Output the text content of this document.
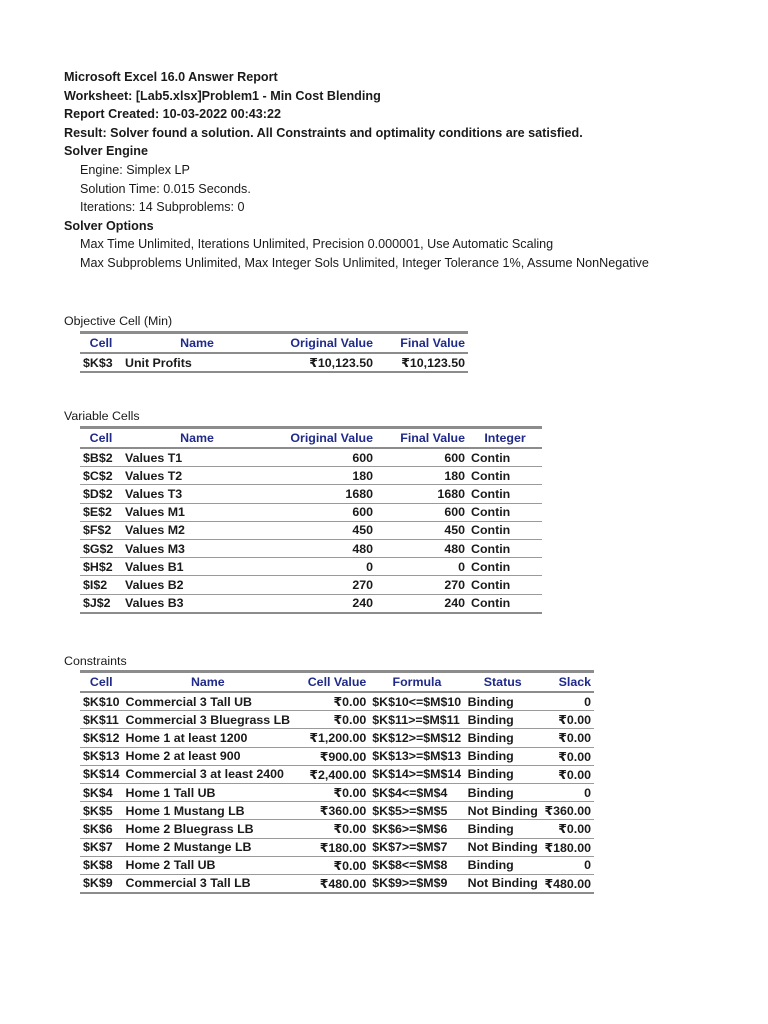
Microsoft Excel 16.0 Answer Report
Worksheet: [Lab5.xlsx]Problem1 - Min Cost Blending
Report Created: 10-03-2022 00:43:22
Result: Solver found a solution. All Constraints and optimality conditions are satisfied.
Solver Engine
Engine: Simplex LP
Solution Time: 0.015 Seconds.
Iterations: 14 Subproblems: 0
Solver Options
Max Time Unlimited, Iterations Unlimited, Precision 0.000001, Use Automatic Scaling
Max Subproblems Unlimited, Max Integer Sols Unlimited, Integer Tolerance 1%, Assume NonNegative
Objective Cell (Min)
Cell	Name	Original Value	Final Value
$K$3	Unit Profits	₹10,123.50	₹10,123.50
Variable Cells
Cell	Name	Original Value	Final Value	Integer
$B$2	Values T1	600	600	Contin
$C$2	Values T2	180	180	Contin
$D$2	Values T3	1680	1680	Contin
$E$2	Values M1	600	600	Contin
$F$2	Values M2	450	450	Contin
$G$2	Values M3	480	480	Contin
$H$2	Values B1	0	0	Contin
$I$2	Values B2	270	270	Contin
$J$2	Values B3	240	240	Contin
Constraints
Cell	Name	Cell Value	Formula	Status	Slack
$K$10	Commercial 3 Tall UB	₹0.00	$K$10<=$M$10	Binding	0
$K$11	Commercial 3 Bluegrass LB	₹0.00	$K$11>=$M$11	Binding	₹0.00
$K$12	Home 1 at least 1200	₹1,200.00	$K$12>=$M$12	Binding	₹0.00
$K$13	Home 2 at least 900	₹900.00	$K$13>=$M$13	Binding	₹0.00
$K$14	Commercial 3 at least 2400	₹2,400.00	$K$14>=$M$14	Binding	₹0.00
$K$4	Home 1 Tall UB	₹0.00	$K$4<=$M$4	Binding	0
$K$5	Home 1 Mustang LB	₹360.00	$K$5>=$M$5	Not Binding	₹360.00
$K$6	Home 2 Bluegrass LB	₹0.00	$K$6>=$M$6	Binding	₹0.00
$K$7	Home 2 Mustange LB	₹180.00	$K$7>=$M$7	Not Binding	₹180.00
$K$8	Home 2 Tall UB	₹0.00	$K$8<=$M$8	Binding	0
$K$9	Commercial 3 Tall LB	₹480.00	$K$9>=$M$9	Not Binding	₹480.00
